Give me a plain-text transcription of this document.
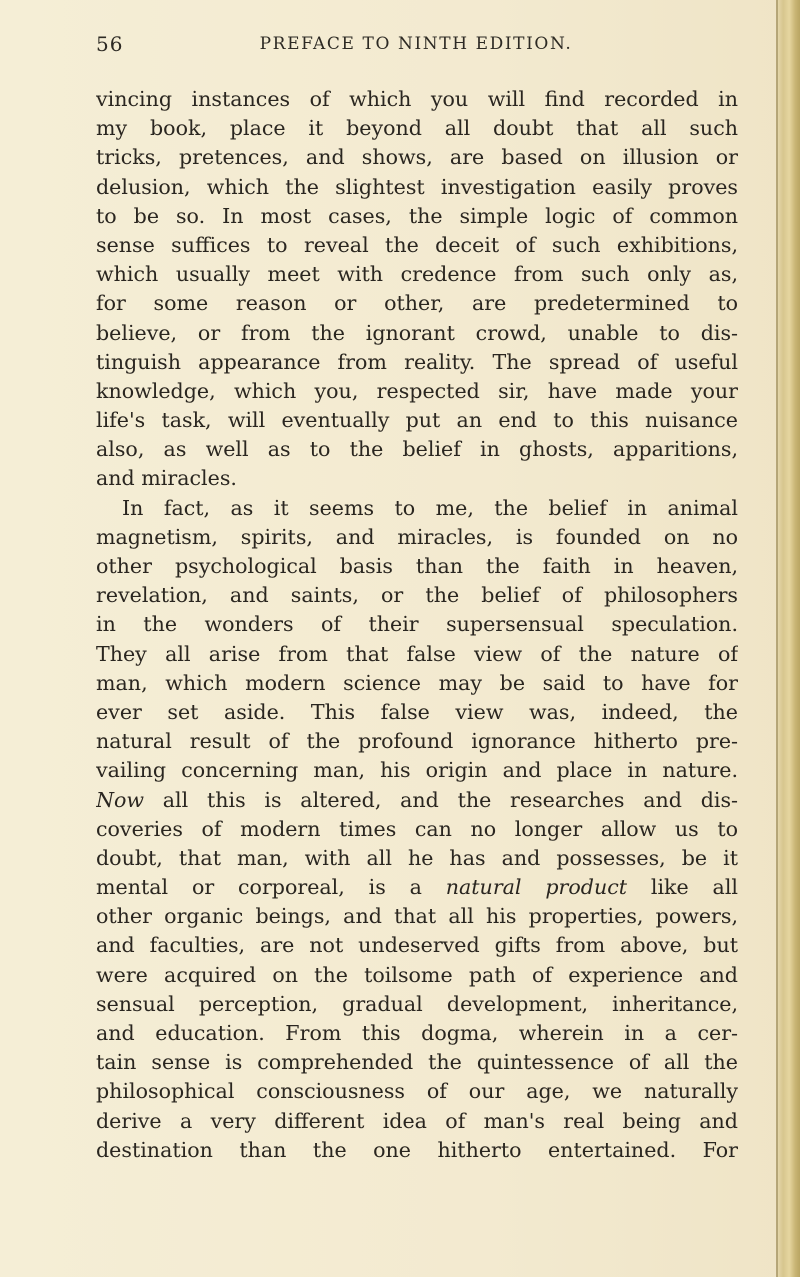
56	PREFACE TO NINTH EDITION.
vincing instances of which you will find recorded in
my book, place it beyond all doubt that all such
tricks, pretences, and shows, are based on illusion or
delusion, which the slightest investigation easily proves
to be so. In most cases, the simple logic of common
sense suffices to reveal the deceit of such exhibitions,
which usually meet with credence from such only as,
for some reason or other, are predetermined to
believe, or from the ignorant crowd, unable to dis-
tinguish appearance from reality. The spread of useful
knowledge, which you, respected sir, have made your
life's task, will eventually put an end to this nuisance
also, as well as to the belief in ghosts, apparitions,
and miracles.
In fact, as it seems to me, the belief in animal
magnetism, spirits, and miracles, is founded on no
other psychological basis than the faith in heaven,
revelation, and saints, or the belief of philosophers
in the wonders of their supersensual speculation.
They all arise from that false view of the nature of
man, which modern science may be said to have for
ever set aside. This false view was, indeed, the
natural result of the profound ignorance hitherto pre-
vailing concerning man, his origin and place in nature.
Now all this is altered, and the researches and dis-
coveries of modern times can no longer allow us to
doubt, that man, with all he has and possesses, be it
mental or corporeal, is a natural product like all
other organic beings, and that all his properties, powers,
and faculties, are not undeserved gifts from above, but
were acquired on the toilsome path of experience and
sensual perception, gradual development, inheritance,
and education. From this dogma, wherein in a cer-
tain sense is comprehended the quintessence of all the
philosophical consciousness of our age, we naturally
derive a very different idea of man's real being and
destination than the one hitherto entertained. For
